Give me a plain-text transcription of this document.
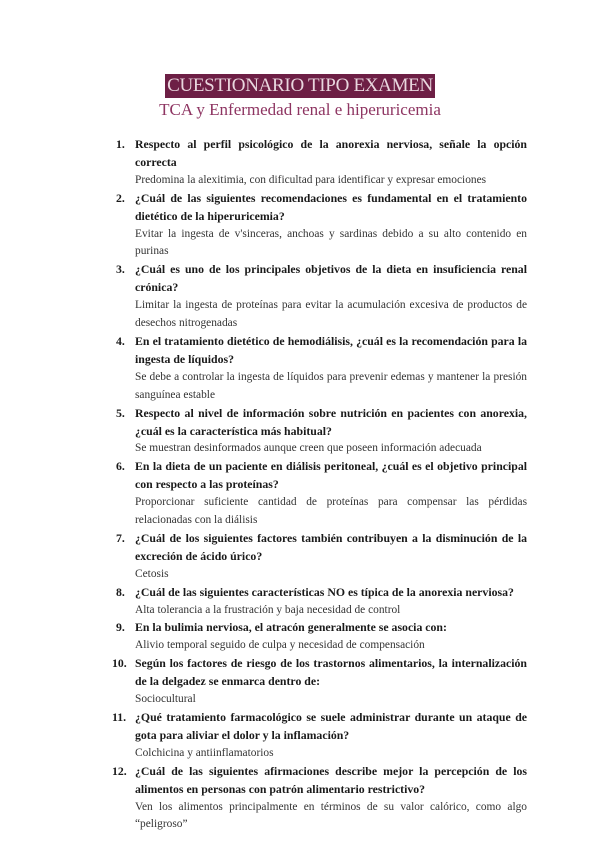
CUESTIONARIO TIPO EXAMEN
TCA y Enfermedad renal e hiperuricemia
1. Respecto al perfil psicológico de la anorexia nerviosa, señale la opción correcta
Predomina la alexitimia, con dificultad para identificar y expresar emociones
2. ¿Cuál de las siguientes recomendaciones es fundamental en el tratamiento dietético de la hiperuricemia?
Evitar la ingesta de v'sinceras, anchoas y sardinas debido a su alto contenido en purinas
3. ¿Cuál es uno de los principales objetivos de la dieta en insuficiencia renal crónica?
Limitar la ingesta de proteínas para evitar la acumulación excesiva de productos de desechos nitrogenadas
4. En el tratamiento dietético de hemodiálisis, ¿cuál es la recomendación para la ingesta de líquidos?
Se debe a controlar la ingesta de líquidos para prevenir edemas y mantener la presión sanguínea estable
5. Respecto al nivel de información sobre nutrición en pacientes con anorexia, ¿cuál es la característica más habitual?
Se muestran desinformados aunque creen que poseen información adecuada
6. En la dieta de un paciente en diálisis peritoneal, ¿cuál es el objetivo principal con respecto a las proteínas?
Proporcionar suficiente cantidad de proteínas para compensar las pérdidas relacionadas con la diálisis
7. ¿Cuál de los siguientes factores también contribuyen a la disminución de la excreción de ácido úrico?
Cetosis
8. ¿Cuál de las siguientes características NO es típica de la anorexia nerviosa?
Alta tolerancia a la frustración y baja necesidad de control
9. En la bulimia nerviosa, el atracón generalmente se asocia con:
Alivio temporal seguido de culpa y necesidad de compensación
10. Según los factores de riesgo de los trastornos alimentarios, la internalización de la delgadez se enmarca dentro de:
Sociocultural
11. ¿Qué tratamiento farmacológico se suele administrar durante un ataque de gota para aliviar el dolor y la inflamación?
Colchicina y antiinflamatorios
12. ¿Cuál de las siguientes afirmaciones describe mejor la percepción de los alimentos en personas con patrón alimentario restrictivo?
Ven los alimentos principalmente en términos de su valor calórico, como algo “peligroso”
